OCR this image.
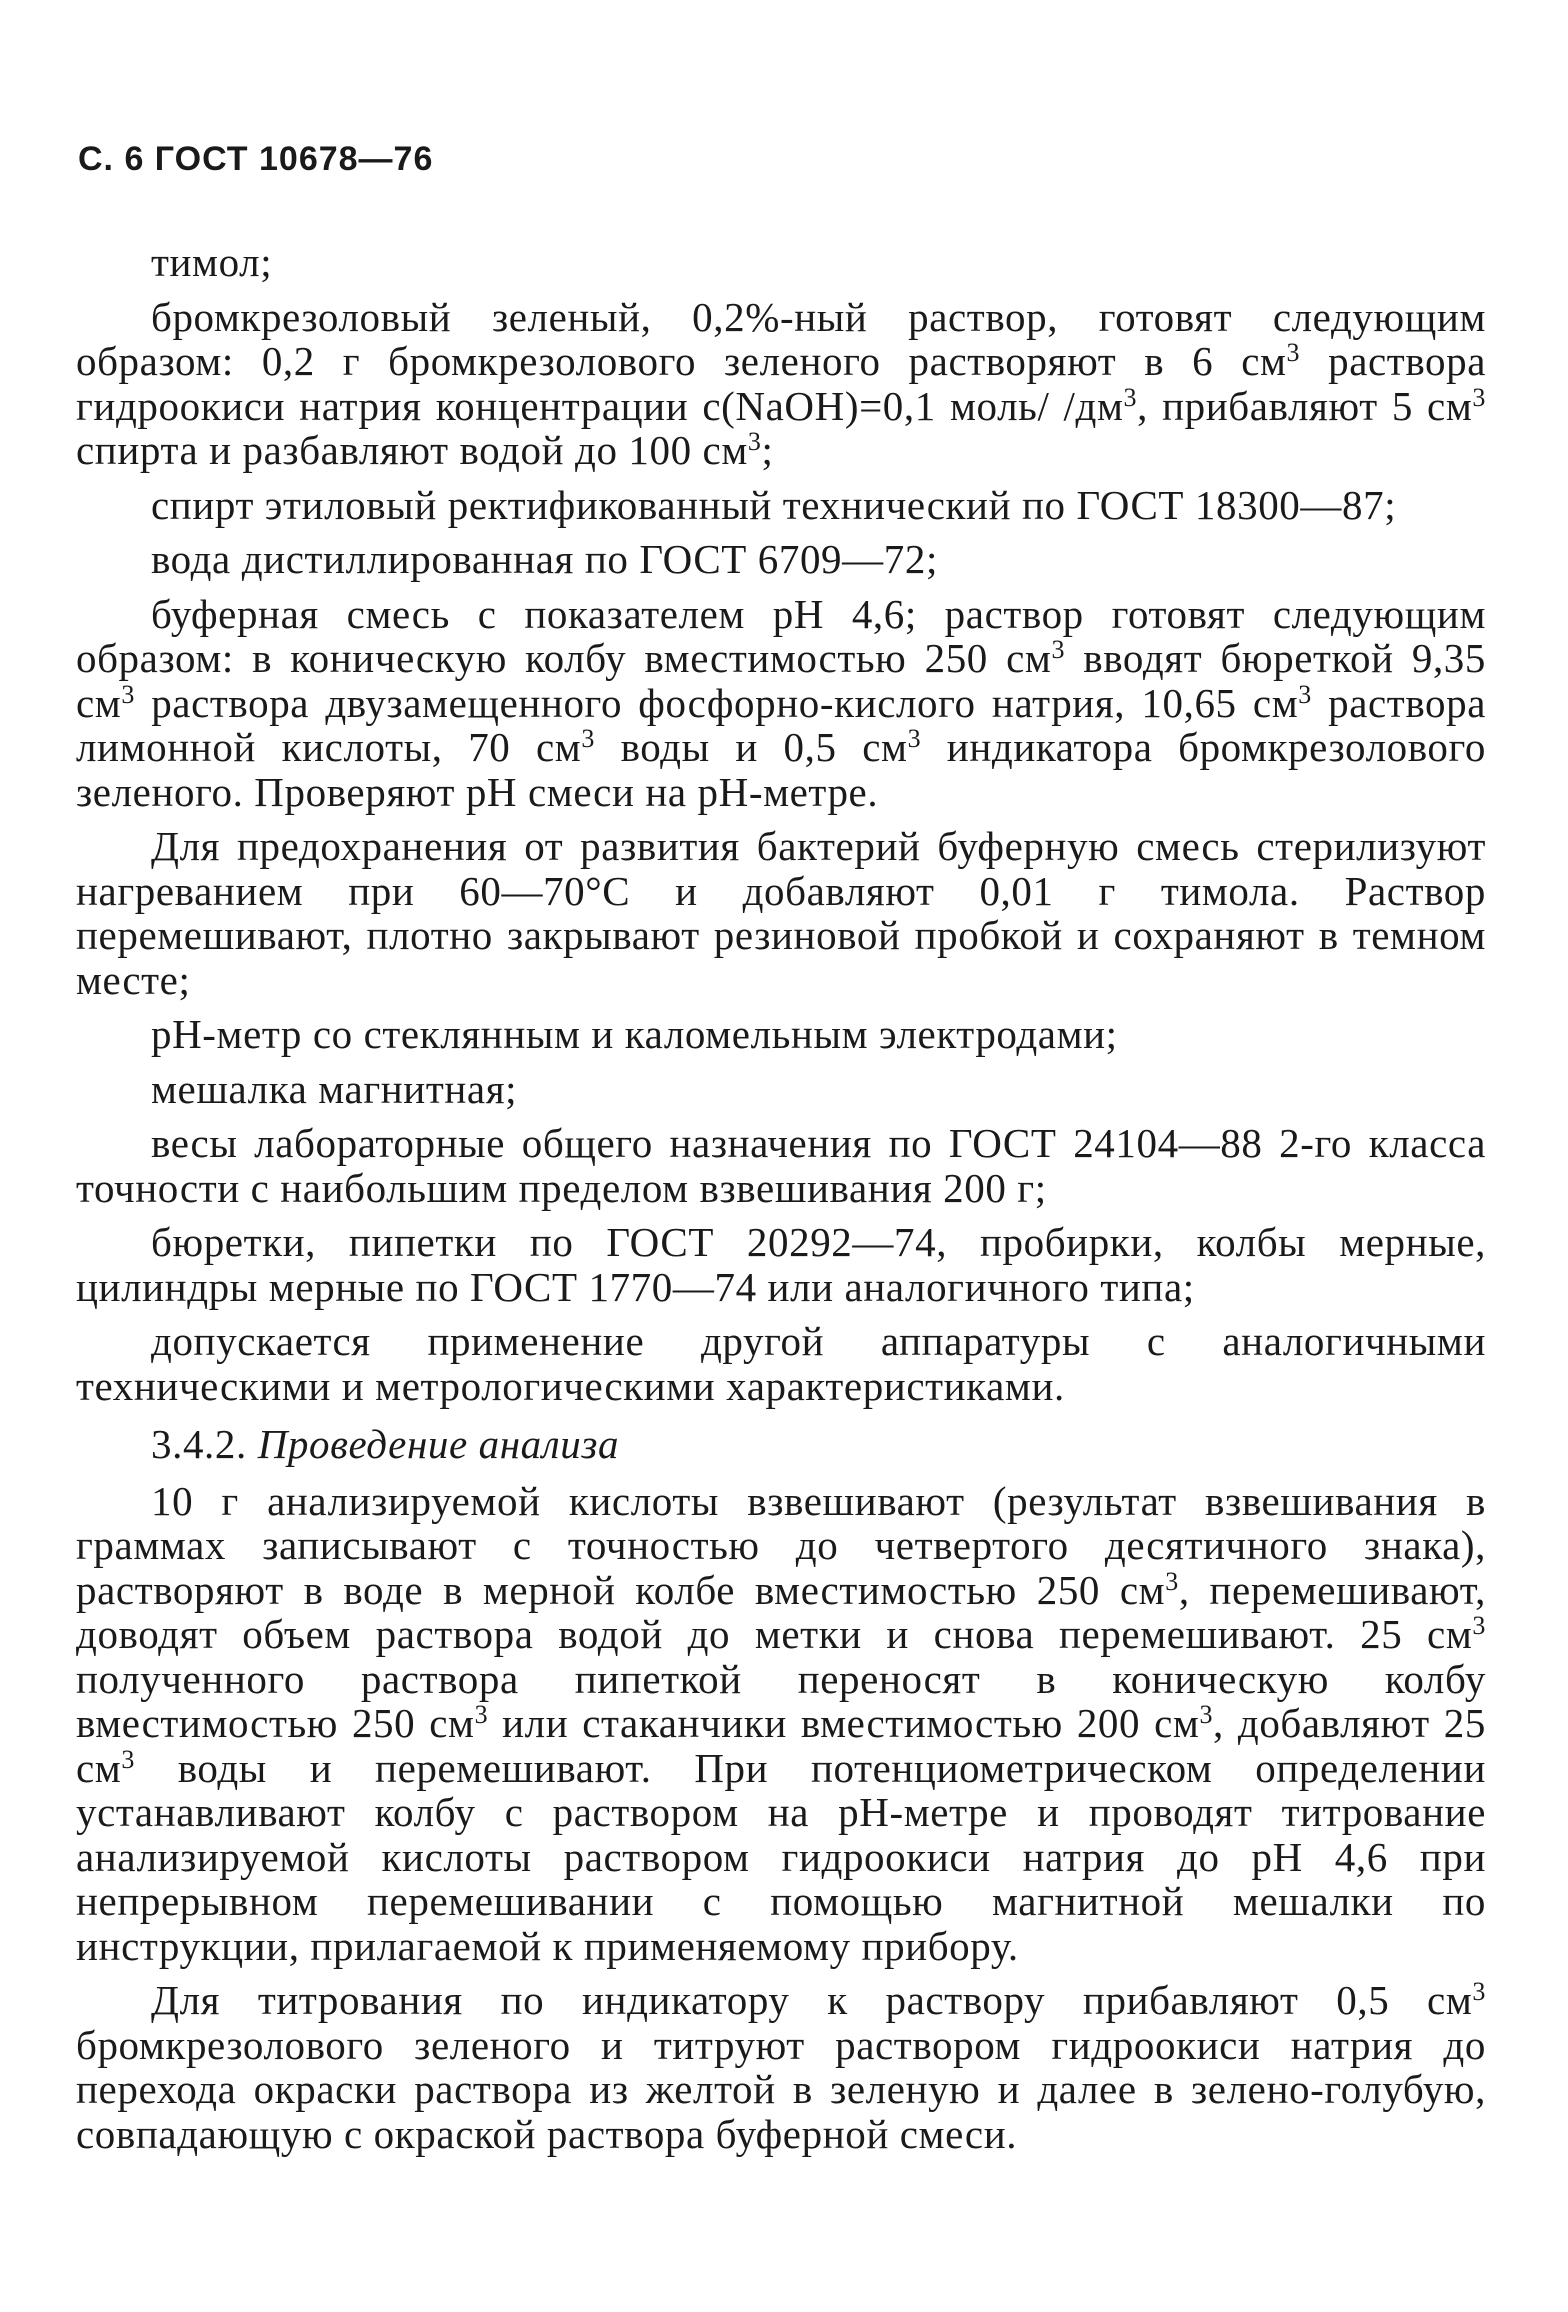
С. 6 ГОСТ 10678—76

тимол;

бромкрезоловый зеленый, 0,2%-ный раствор, готовят следующим образом: 0,2 г бромкрезолового зеленого растворяют в 6 $см^3$ раствора гидроокиси натрия концентрации c(NaOH)=0,1 моль/ $/дм^3$, прибавляют 5 $см^3$ спирта и разбавляют водой до 100 $см^3$;

спирт этиловый ректификованный технический по ГОСТ 18300—87;

вода дистиллированная по ГОСТ 6709—72;

буферная смесь с показателем pH 4,6; раствор готовят следующим образом: в коническую колбу вместимостью 250 $см^3$ вводят бюреткой 9,35 $см^3$ раствора двузамещенного фосфорно-кислого натрия, 10,65 $см^3$ раствора лимонной кислоты, 70 $см^3$ воды и 0,5 $см^3$ индикатора бромкрезолового зеленого. Проверяют pH смеси на pH-метре.

Для предохранения от развития бактерий буферную смесь стерилизуют нагреванием при 60—70°С и добавляют 0,01 г тимола. Раствор перемешивают, плотно закрывают резиновой пробкой и сохраняют в темном месте;

pH-метр со стеклянным и каломельным электродами;

мешалка магнитная;

весы лабораторные общего назначения по ГОСТ 24104—88 2-го класса точности с наибольшим пределом взвешивания 200 г;

бюретки, пипетки по ГОСТ 20292—74, пробирки, колбы мерные, цилиндры мерные по ГОСТ 1770—74 или аналогичного типа;

допускается применение другой аппаратуры с аналогичными техническими и метрологическими характеристиками.

3.4.2. Проведение анализа

10 г анализируемой кислоты взвешивают (результат взвешивания в граммах записывают с точностью до четвертого десятичного знака), растворяют в воде в мерной колбе вместимостью 250 $см^3$, перемешивают, доводят объем раствора водой до метки и снова перемешивают. 25 $см^3$ полученного раствора пипеткой переносят в коническую колбу вместимостью 250 $см^3$ или стаканчики вместимостью 200 $см^3$, добавляют 25 $см^3$ воды и перемешивают. При потенциометрическом определении устанавливают колбу с раствором на pH-метре и проводят титрование анализируемой кислоты раствором гидроокиси натрия до pH 4,6 при непрерывном перемешивании с помощью магнитной мешалки по инструкции, прилагаемой к применяемому прибору.

Для титрования по индикатору к раствору прибавляют 0,5 $см^3$ бромкрезолового зеленого и титруют раствором гидроокиси натрия до перехода окраски раствора из желтой в зеленую и далее в зелено-голубую, совпадающую с окраской раствора буферной смеси.
